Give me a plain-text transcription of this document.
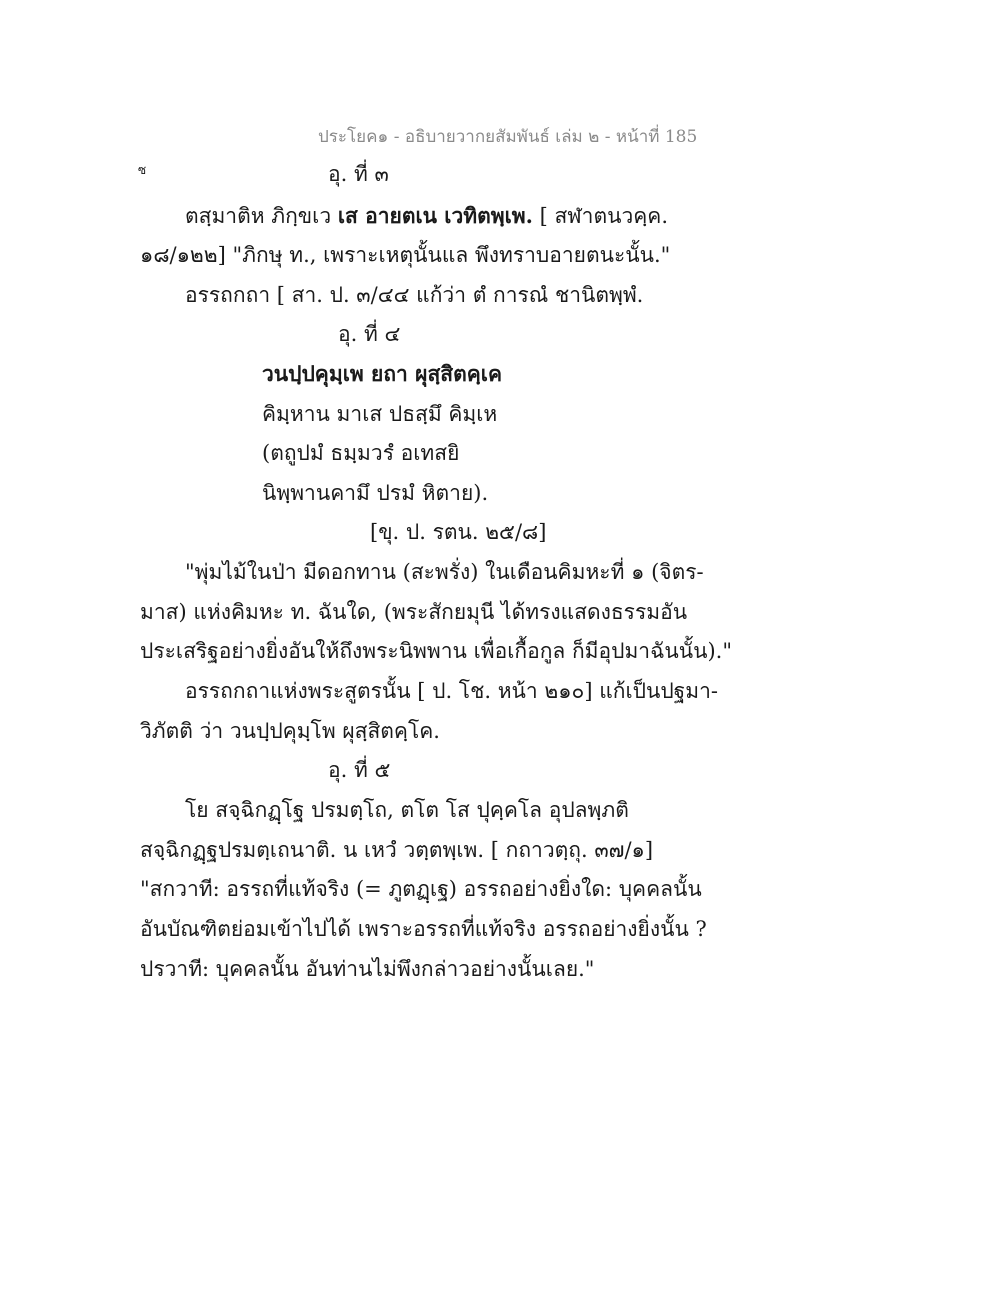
ประโยค๑ - อธิบายวากยสัมพันธ์ เล่ม ๒ - หน้าที่ 185
ซ	อุ. ที่ ๓
ตสฺมาติห ภิกฺขเว เส อายตเน เวทิตพฺเพ. [ สฬาตนวคฺค.
๑๘/๑๒๒] "ภิกษุ ท., เพราะเหตุนั้นแล พึงทราบอายตนะนั้น."
อรรถกถา [ สา. ป. ๓/๔๔ แก้ว่า ตํ การณํ ชานิตพฺพํ.
อุ. ที่ ๔
วนปฺปคุมฺเพ ยถา ผุสฺสิตคฺเค
คิมฺหาน มาเส ปธสฺมึ คิมฺเห
(ตถูปมํ ธมฺมวรํ อเทสยิ
นิพฺพานคามึ ปรมํ หิตาย).
[ขุ. ป. รตน. ๒๕/๘]
"พุ่มไม้ในป่า มีดอกทาน (สะพรั่ง) ในเดือนคิมหะที่ ๑ (จิตร-
มาส) แห่งคิมหะ ท. ฉันใด, (พระสักยมุนี ได้ทรงแสดงธรรมอัน
ประเสริฐอย่างยิ่งอันให้ถึงพระนิพพาน เพื่อเกื้อกูล ก็มีอุปมาฉันนั้น)."
อรรถกถาแห่งพระสูตรนั้น [ ป. โช. หน้า ๒๑๐] แก้เป็นปฐมา-
วิภัตติ ว่า วนปฺปคุมฺโพ ผุสฺสิตคฺโค.
อุ. ที่ ๕
โย สจฺฉิกฏฺโฐ ปรมตฺโถ, ตโต โส ปุคฺคโล อุปลพฺภติ
สจฺฉิกฏฺฐปรมตฺเถนาติ. น เหวํ วตฺตพฺเพ. [ กถาวตฺถุ. ๓๗/๑]
"สกวาที: อรรถที่แท้จริง (= ภูตฏฺเฐ) อรรถอย่างยิ่งใด: บุคคลนั้น
อันบัณฑิตย่อมเข้าไปได้ เพราะอรรถที่แท้จริง อรรถอย่างยิ่งนั้น ?
ปรวาที: บุคคลนั้น อันท่านไม่พึงกล่าวอย่างนั้นเลย."
